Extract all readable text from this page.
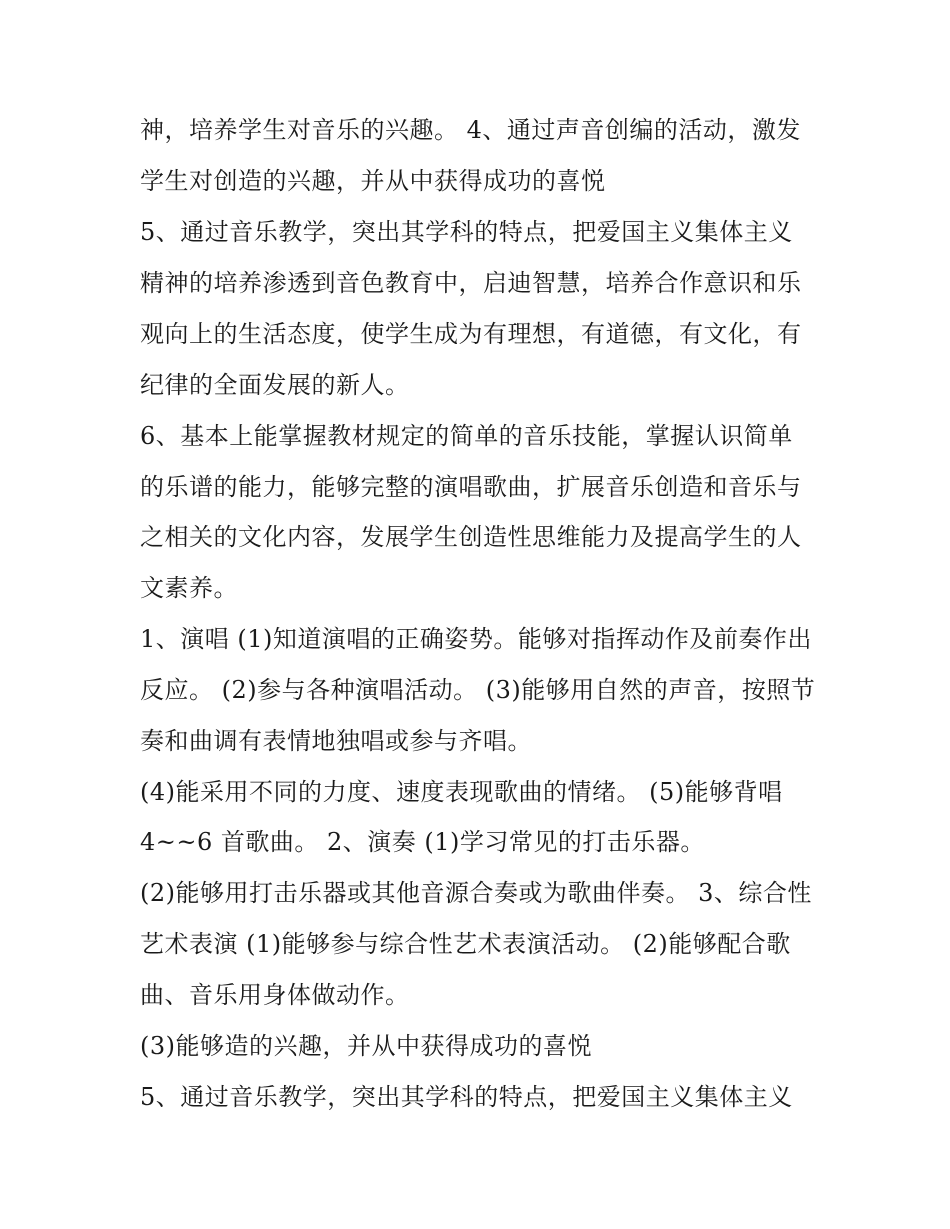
神，培养学生对音乐的兴趣。 4、通过声音创编的活动，激发
学生对创造的兴趣，并从中获得成功的喜悦
5、通过音乐教学，突出其学科的特点，把爱国主义集体主义
精神的培养渗透到音色教育中，启迪智慧，培养合作意识和乐
观向上的生活态度，使学生成为有理想，有道德，有文化，有
纪律的全面发展的新人。
6、基本上能掌握教材规定的简单的音乐技能，掌握认识简单
的乐谱的能力，能够完整的演唱歌曲，扩展音乐创造和音乐与
之相关的文化内容，发展学生创造性思维能力及提高学生的人
文素养。
1、演唱 (1)知道演唱的正确姿势。能够对指挥动作及前奏作出
反应。 (2)参与各种演唱活动。 (3)能够用自然的声音，按照节
奏和曲调有表情地独唱或参与齐唱。
(4)能采用不同的力度、速度表现歌曲的情绪。 (5)能够背唱
4~~6 首歌曲。 2、演奏 (1)学习常见的打击乐器。
(2)能够用打击乐器或其他音源合奏或为歌曲伴奏。 3、综合性
艺术表演 (1)能够参与综合性艺术表演活动。 (2)能够配合歌
曲、音乐用身体做动作。
(3)能够造的兴趣，并从中获得成功的喜悦
5、通过音乐教学，突出其学科的特点，把爱国主义集体主义
